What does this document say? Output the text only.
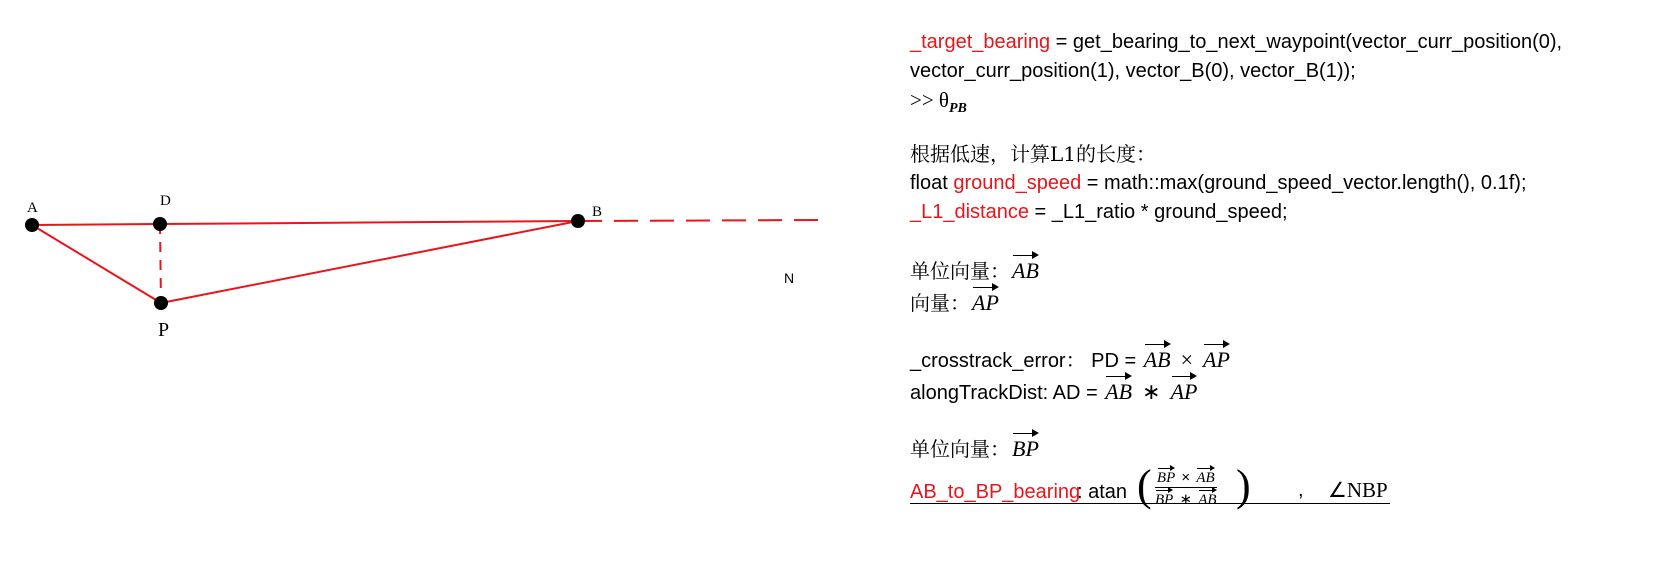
A	D
B
P
N
_target_bearing = get_bearing_to_next_waypoint(vector_curr_position(0),
vector_curr_position(1), vector_B(0), vector_B(1));
>> $\theta_{PB}$
根据低速，计算L1的长度：
float ground_speed = math::max(ground_speed_vector.length(), 0.1f);
_L1_distance = _L1_ratio * ground_speed;
单位向量：AB
向量：AP
_crosstrack_error： PD = AB × AP
alongTrackDist: AD = AB ∗ AP
单位向量：BP
AB_to_BP_bearing
: atan ( BP × AB
BP ∗ AB ) , ∠NBP
